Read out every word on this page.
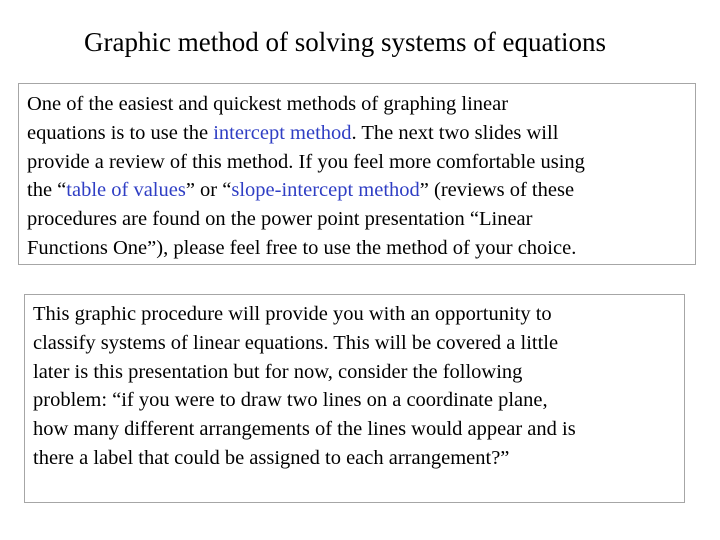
Graphic method of solving systems of equations
One of the easiest and quickest methods of graphing linear
equations is to use the intercept method. The next two slides will
provide a review of this method. If you feel more comfortable using
the “table of values” or “slope-intercept method” (reviews of these
procedures are found on the power point presentation “Linear
Functions One”), please feel free to use the method of your choice.
This graphic procedure will provide you with an opportunity to
classify systems of linear equations. This will be covered a little
later is this presentation but for now, consider the following
problem: “if you were to draw two lines on a coordinate plane,
how many different arrangements of the lines would appear and is
there a label that could be assigned to each arrangement?”
